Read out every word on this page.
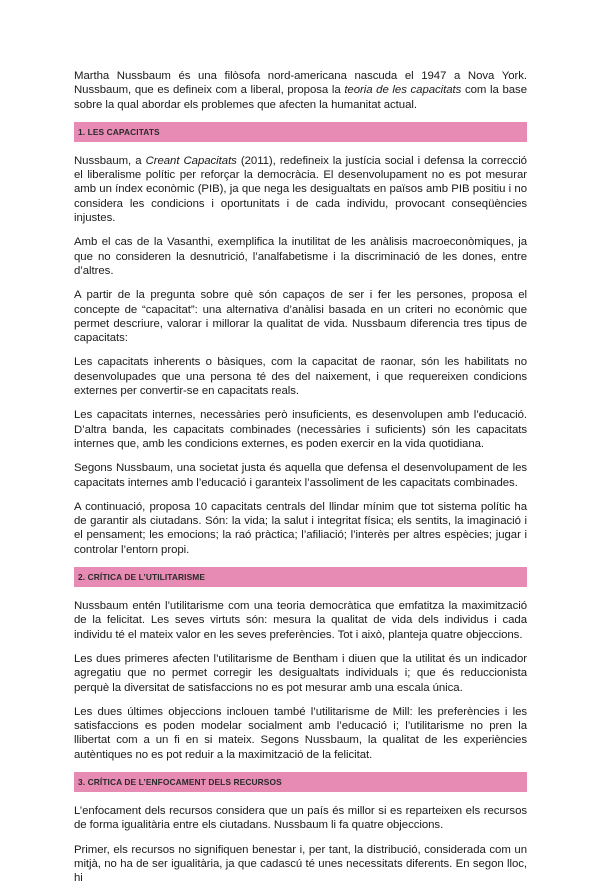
Martha Nussbaum és una filòsofa nord-americana nascuda el 1947 a Nova York. Nussbaum, que es defineix com a liberal, proposa la teoria de les capacitats com la base sobre la qual abordar els problemes que afecten la humanitat actual.

1. LES CAPACITATS

Nussbaum, a Creant Capacitats (2011), redefineix la justícia social i defensa la correcció el liberalisme polític per reforçar la democràcia. El desenvolupament no es pot mesurar amb un índex econòmic (PIB), ja que nega les desigualtats en països amb PIB positiu i no considera les condicions i oportunitats i de cada individu, provocant conseqüències injustes.

Amb el cas de la Vasanthi, exemplifica la inutilitat de les anàlisis macroeconòmiques, ja que no consideren la desnutrició, l’analfabetisme i la discriminació de les dones, entre d’altres.

A partir de la pregunta sobre què són capaços de ser i fer les persones, proposa el concepte de “capacitat”: una alternativa d’anàlisi basada en un criteri no econòmic que permet descriure, valorar i millorar la qualitat de vida. Nussbaum diferencia tres tipus de capacitats:

Les capacitats inherents o bàsiques, com la capacitat de raonar, són les habilitats no desenvolupades que una persona té des del naixement, i que requereixen condicions externes per convertir-se en capacitats reals.

Les capacitats internes, necessàries però insuficients, es desenvolupen amb l’educació. D’altra banda, les capacitats combinades (necessàries i suficients) són les capacitats internes que, amb les condicions externes, es poden exercir en la vida quotidiana.

Segons Nussbaum, una societat justa és aquella que defensa el desenvolupament de les capacitats internes amb l’educació i garanteix l’assoliment de les capacitats combinades.

A continuació, proposa 10 capacitats centrals del llindar mínim que tot sistema polític ha de garantir als ciutadans. Són: la vida; la salut i integritat física; els sentits, la imaginació i el pensament; les emocions; la raó pràctica; l’afiliació; l’interès per altres espècies; jugar i controlar l’entorn propi.

2. CRÍTICA DE L’UTILITARISME

Nussbaum entén l’utilitarisme com una teoria democràtica que emfatitza la maximització de la felicitat. Les seves virtuts són: mesura la qualitat de vida dels individus i cada individu té el mateix valor en les seves preferències. Tot i això, planteja quatre objeccions.

Les dues primeres afecten l’utilitarisme de Bentham i diuen que la utilitat és un indicador agregatiu que no permet corregir les desigualtats individuals i; que és reduccionista perquè la diversitat de satisfaccions no es pot mesurar amb una escala única.

Les dues últimes objeccions inclouen també l’utilitarisme de Mill: les preferències i les satisfaccions es poden modelar socialment amb l’educació i; l’utilitarisme no pren la llibertat com a un fi en si mateix. Segons Nussbaum, la qualitat de les experiències autèntiques no es pot reduir a la maximització de la felicitat.

3. CRÍTICA DE L’ENFOCAMENT DELS RECURSOS

L’enfocament dels recursos considera que un país és millor si es reparteixen els recursos de forma igualitària entre els ciutadans. Nussbaum li fa quatre objeccions.

Primer, els recursos no signifiquen benestar i, per tant, la distribució, considerada com un mitjà, no ha de ser igualitària, ja que cadascú té unes necessitats diferents. En segon lloc, hi
